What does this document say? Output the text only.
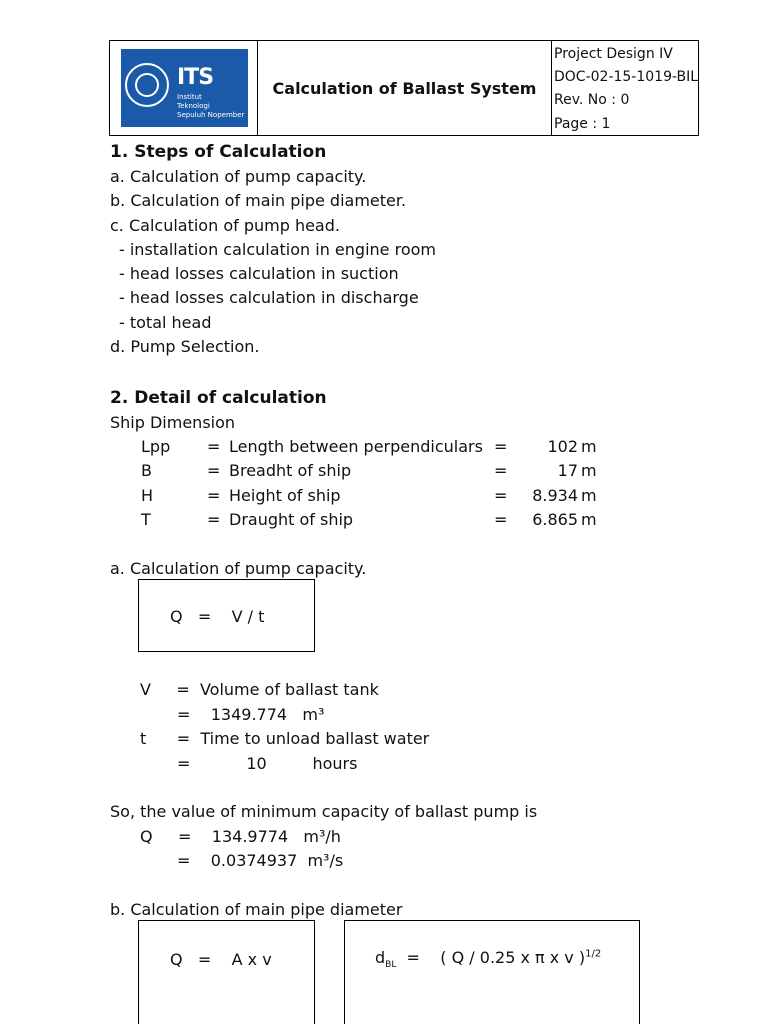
ITS
Institut
Teknologi
Sepuluh Nopember
Calculation of Ballast System
Project Design IV
DOC-02-15-1019-BIL
Rev. No : 0
Page : 1
1. Steps of Calculation
a. Calculation of pump capacity.
b. Calculation of main pipe diameter.
c. Calculation of pump head.
- installation calculation in engine room
- head losses calculation in suction
- head losses calculation in discharge
- total head
d. Pump Selection.
2. Detail of calculation
Ship Dimension
Lpp = Length between perpendiculars =	102 m
B	= Breadht of ship	=	17 m
H	= Height of ship	=	8.934 m
T	= Draught of ship	=	6.865 m
a. Calculation of pump capacity.
Q   =    V / t
V     =  Volume of ballast tank
=    1349.774   m³
t      =  Time to unload ballast water
=           10         hours
So, the value of minimum capacity of ballast pump is
Q     =    134.9774   m³/h
=    0.0374937  m³/s
b. Calculation of main pipe diameter
Q   =    A x v	$d_{BL}$  =    ( Q / 0.25 x π x v )$^{1/2}$
